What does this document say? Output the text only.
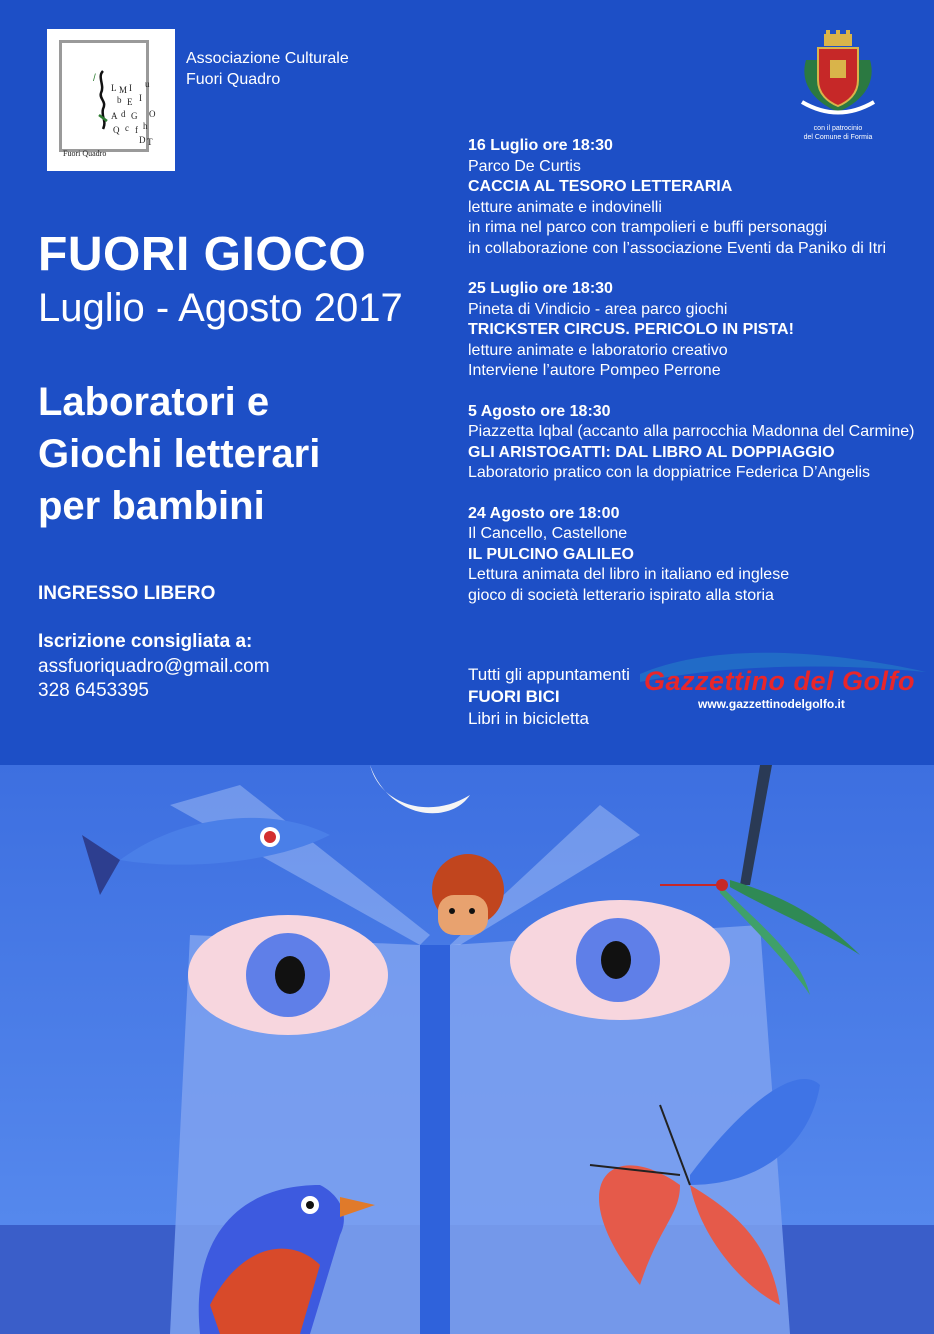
L M I
b E I
A d G
Q c f h
O
u
T
D
/
Fuori Quadro
Associazione Culturale
Fuori Quadro
con il patrocinio
del Comune di Formia
FUORI GIOCO
Luglio - Agosto 2017
Laboratori e
Giochi letterari
per bambini
INGRESSO LIBERO
Iscrizione consigliata a:
assfuoriquadro@gmail.com
328 6453395
16 Luglio ore 18:30
Parco De Curtis
CACCIA AL TESORO LETTERARIA
letture animate e indovinelli
in rima nel parco con trampolieri e buffi personaggi
in collaborazione con l’associazione Eventi da Paniko di Itri
25 Luglio ore 18:30
Pineta di Vindicio - area parco giochi
TRICKSTER CIRCUS. PERICOLO IN PISTA!
letture animate e laboratorio creativo
Interviene l’autore Pompeo Perrone
5 Agosto ore 18:30
Piazzetta Iqbal (accanto alla parrocchia Madonna del Carmine)
GLI ARISTOGATTI: DAL LIBRO AL DOPPIAGGIO
Laboratorio pratico con la doppiatrice Federica D’Angelis
24 Agosto ore 18:00
Il Cancello, Castellone
IL PULCINO GALILEO
Lettura animata del libro in italiano ed inglese
gioco di società letterario ispirato alla storia
Tutti gli appuntamenti
FUORI BICI
Libri in bicicletta
Gazzettino del Golfo
www.gazzettinodelgolfo.it
